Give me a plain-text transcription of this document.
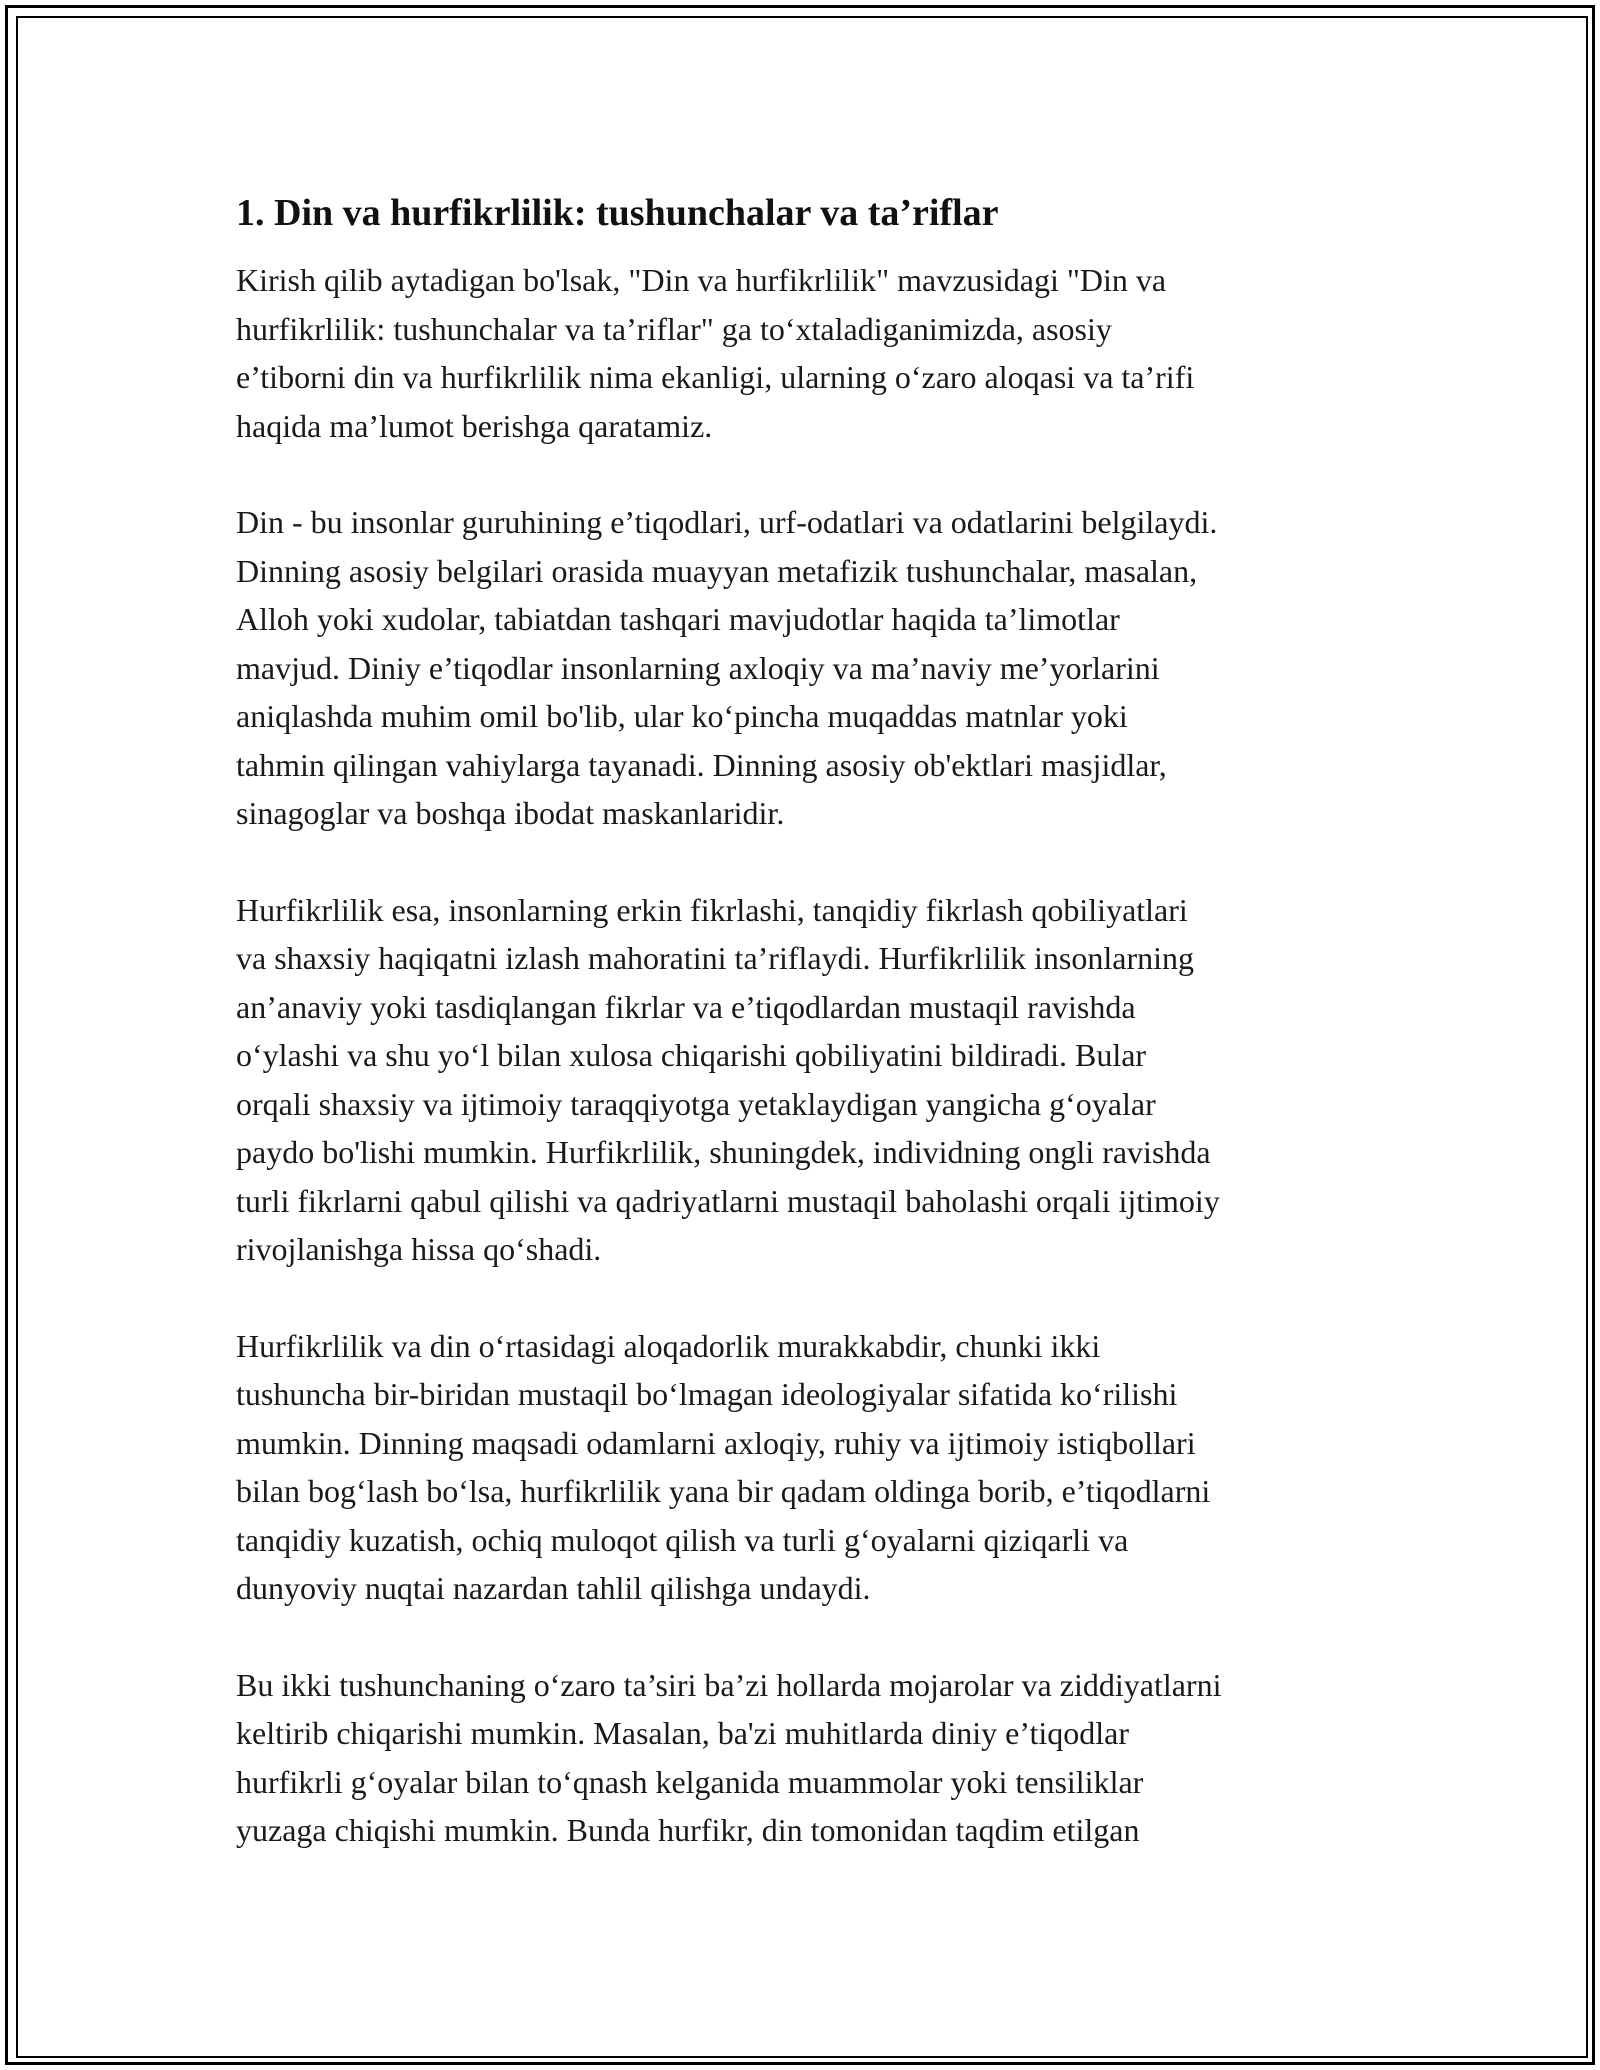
1. Din va hurfikrlilik: tushunchalar va ta’riflar

Kirish qilib aytadigan bo'lsak, "Din va hurfikrlilik" mavzusidagi "Din va
hurfikrlilik: tushunchalar va ta’riflar" ga to‘xtaladiganimizda, asosiy
e’tiborni din va hurfikrlilik nima ekanligi, ularning o‘zaro aloqasi va ta’rifi
haqida ma’lumot berishga qaratamiz.

Din - bu insonlar guruhining e’tiqodlari, urf-odatlari va odatlarini belgilaydi.
Dinning asosiy belgilari orasida muayyan metafizik tushunchalar, masalan,
Alloh yoki xudolar, tabiatdan tashqari mavjudotlar haqida ta’limotlar
mavjud. Diniy e’tiqodlar insonlarning axloqiy va ma’naviy me’yorlarini
aniqlashda muhim omil bo'lib, ular ko‘pincha muqaddas matnlar yoki
tahmin qilingan vahiylarga tayanadi. Dinning asosiy ob'ektlari masjidlar,
sinagoglar va boshqa ibodat maskanlaridir.

Hurfikrlilik esa, insonlarning erkin fikrlashi, tanqidiy fikrlash qobiliyatlari
va shaxsiy haqiqatni izlash mahoratini ta’riflaydi. Hurfikrlilik insonlarning
an’anaviy yoki tasdiqlangan fikrlar va e’tiqodlardan mustaqil ravishda
o‘ylashi va shu yo‘l bilan xulosa chiqarishi qobiliyatini bildiradi. Bular
orqali shaxsiy va ijtimoiy taraqqiyotga yetaklaydigan yangicha g‘oyalar
paydo bo'lishi mumkin. Hurfikrlilik, shuningdek, individning ongli ravishda
turli fikrlarni qabul qilishi va qadriyatlarni mustaqil baholashi orqali ijtimoiy
rivojlanishga hissa qo‘shadi.

Hurfikrlilik va din o‘rtasidagi aloqadorlik murakkabdir, chunki ikki
tushuncha bir-biridan mustaqil bo‘lmagan ideologiyalar sifatida ko‘rilishi
mumkin. Dinning maqsadi odamlarni axloqiy, ruhiy va ijtimoiy istiqbollari
bilan bog‘lash bo‘lsa, hurfikrlilik yana bir qadam oldinga borib, e’tiqodlarni
tanqidiy kuzatish, ochiq muloqot qilish va turli g‘oyalarni qiziqarli va
dunyoviy nuqtai nazardan tahlil qilishga undaydi.

Bu ikki tushunchaning o‘zaro ta’siri ba’zi hollarda mojarolar va ziddiyatlarni
keltirib chiqarishi mumkin. Masalan, ba'zi muhitlarda diniy e’tiqodlar
hurfikrli g‘oyalar bilan to‘qnash kelganida muammolar yoki tensiliklar
yuzaga chiqishi mumkin. Bunda hurfikr, din tomonidan taqdim etilgan
